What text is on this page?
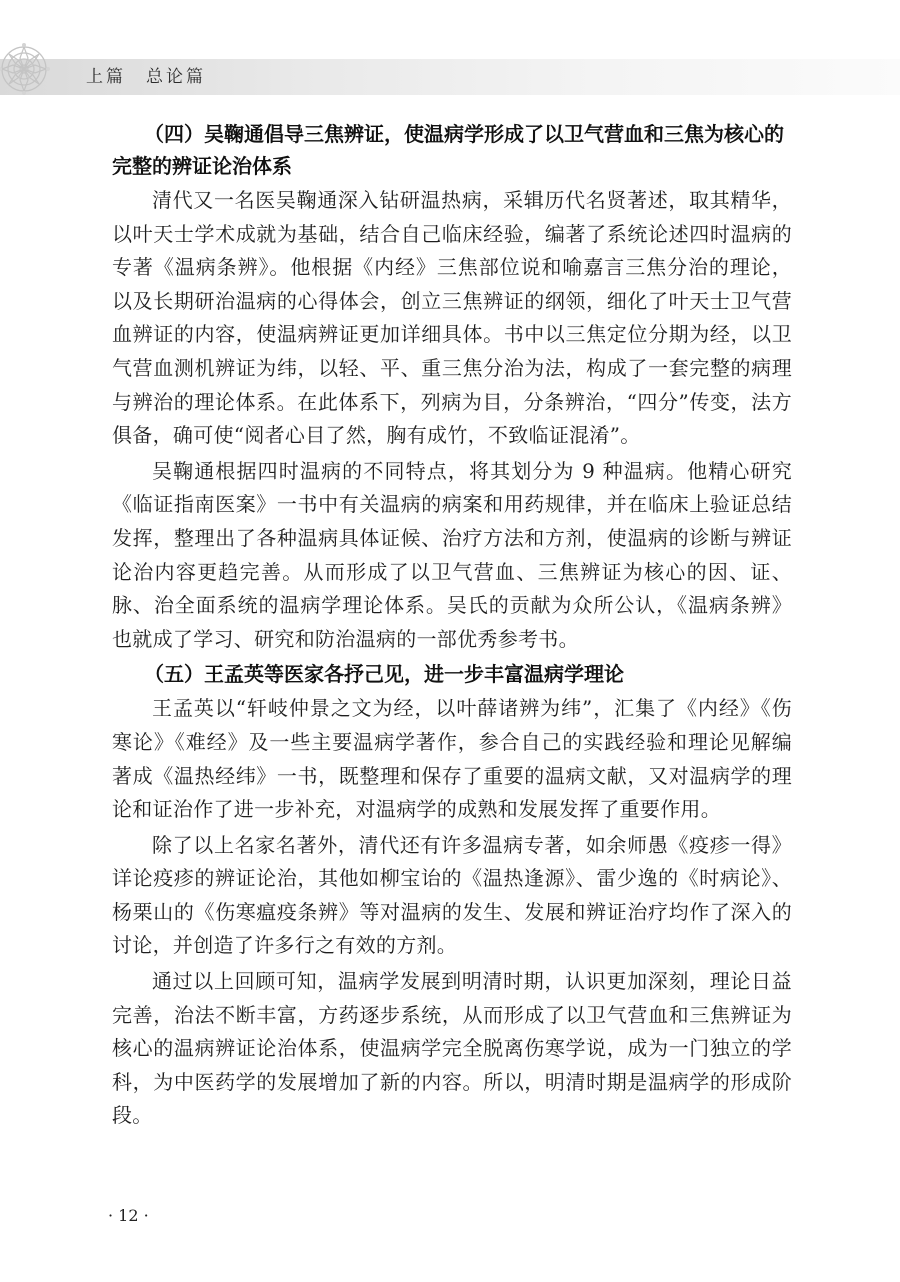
上篇　总论篇
（四）吴鞠通倡导三焦辨证，使温病学形成了以卫气营血和三焦为核心的完整的辨证论治体系

清代又一名医吴鞠通深入钻研温热病，采辑历代名贤著述，取其精华，以叶天士学术成就为基础，结合自己临床经验，编著了系统论述四时温病的专著《温病条辨》。他根据《内经》三焦部位说和喻嘉言三焦分治的理论，以及长期研治温病的心得体会，创立三焦辨证的纲领，细化了叶天士卫气营血辨证的内容，使温病辨证更加详细具体。书中以三焦定位分期为经，以卫气营血测机辨证为纬，以轻、平、重三焦分治为法，构成了一套完整的病理与辨治的理论体系。在此体系下，列病为目，分条辨治，“四分”传变，法方俱备，确可使“阅者心目了然，胸有成竹，不致临证混淆”。

吴鞠通根据四时温病的不同特点，将其划分为 9 种温病。他精心研究《临证指南医案》一书中有关温病的病案和用药规律，并在临床上验证总结发挥，整理出了各种温病具体证候、治疗方法和方剂，使温病的诊断与辨证论治内容更趋完善。从而形成了以卫气营血、三焦辨证为核心的因、证、脉、治全面系统的温病学理论体系。吴氏的贡献为众所公认，《温病条辨》也就成了学习、研究和防治温病的一部优秀参考书。

（五）王孟英等医家各抒己见，进一步丰富温病学理论

王孟英以“轩岐仲景之文为经，以叶薛诸辨为纬”，汇集了《内经》《伤寒论》《难经》及一些主要温病学著作，参合自己的实践经验和理论见解编著成《温热经纬》一书，既整理和保存了重要的温病文献，又对温病学的理论和证治作了进一步补充，对温病学的成熟和发展发挥了重要作用。

除了以上名家名著外，清代还有许多温病专著，如余师愚《疫疹一得》详论疫疹的辨证论治，其他如柳宝诒的《温热逢源》、雷少逸的《时病论》、杨栗山的《伤寒瘟疫条辨》等对温病的发生、发展和辨证治疗均作了深入的讨论，并创造了许多行之有效的方剂。

通过以上回顾可知，温病学发展到明清时期，认识更加深刻，理论日益完善，治法不断丰富，方药逐步系统，从而形成了以卫气营血和三焦辨证为核心的温病辨证论治体系，使温病学完全脱离伤寒学说，成为一门独立的学科，为中医药学的发展增加了新的内容。所以，明清时期是温病学的形成阶段。

· 12 ·
